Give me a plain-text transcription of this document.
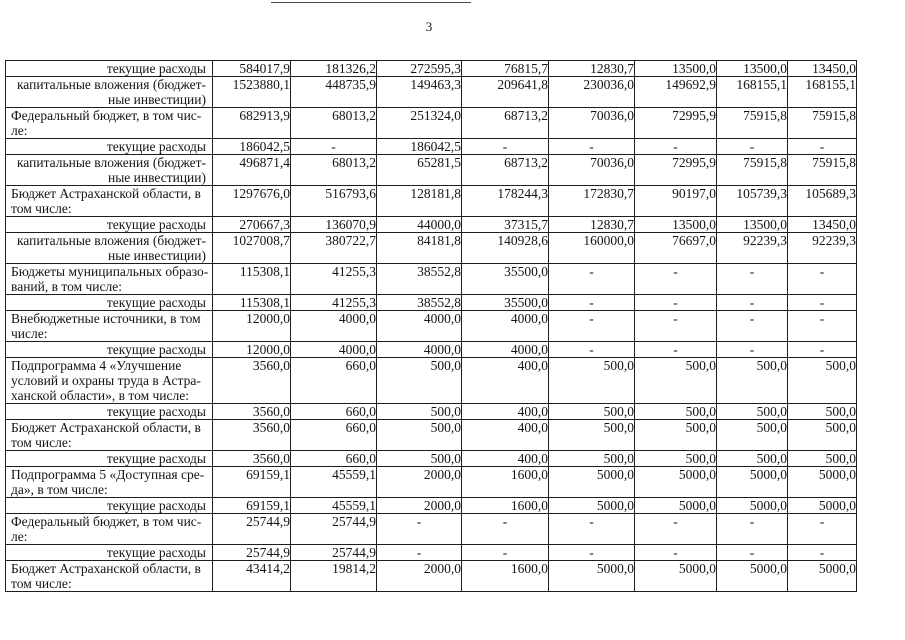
3
текущие расходы	584017,9	181326,2	272595,3	76815,7	12830,7	13500,0	13500,0	13450,0
капитальные вложения (бюджет-
ные инвестиции)	1523880,1	448735,9	149463,3	209641,8	230036,0	149692,9	168155,1	168155,1
Федеральный бюджет, в том чис-
ле:	682913,9	68013,2	251324,0	68713,2	70036,0	72995,9	75915,8	75915,8
текущие расходы	186042,5	-	186042,5	-	-	-	-	-
капитальные вложения (бюджет-
ные инвестиции)	496871,4	68013,2	65281,5	68713,2	70036,0	72995,9	75915,8	75915,8
Бюджет Астраханской области, в
том числе:	1297676,0	516793,6	128181,8	178244,3	172830,7	90197,0	105739,3	105689,3
текущие расходы	270667,3	136070,9	44000,0	37315,7	12830,7	13500,0	13500,0	13450,0
капитальные вложения (бюджет-
ные инвестиции)	1027008,7	380722,7	84181,8	140928,6	160000,0	76697,0	92239,3	92239,3
Бюджеты муниципальных образо-
ваний, в том числе:	115308,1	41255,3	38552,8	35500,0	-	-	-	-
текущие расходы	115308,1	41255,3	38552,8	35500,0	-	-	-	-
Внебюджетные источники, в том
числе:	12000,0	4000,0	4000,0	4000,0	-	-	-	-
текущие расходы	12000,0	4000,0	4000,0	4000,0	-	-	-	-
Подпрограмма 4 «Улучшение
условий и охраны труда в Астра-
ханской области», в том числе:	3560,0	660,0	500,0	400,0	500,0	500,0	500,0	500,0
текущие расходы	3560,0	660,0	500,0	400,0	500,0	500,0	500,0	500,0
Бюджет Астраханской области, в
том числе:	3560,0	660,0	500,0	400,0	500,0	500,0	500,0	500,0
текущие расходы	3560,0	660,0	500,0	400,0	500,0	500,0	500,0	500,0
Подпрограмма 5 «Доступная сре-
да», в том числе:	69159,1	45559,1	2000,0	1600,0	5000,0	5000,0	5000,0	5000,0
текущие расходы	69159,1	45559,1	2000,0	1600,0	5000,0	5000,0	5000,0	5000,0
Федеральный бюджет, в том чис-
ле:	25744,9	25744,9	-	-	-	-	-	-
текущие расходы	25744,9	25744,9	-	-	-	-	-	-
Бюджет Астраханской области, в
том числе:	43414,2	19814,2	2000,0	1600,0	5000,0	5000,0	5000,0	5000,0
